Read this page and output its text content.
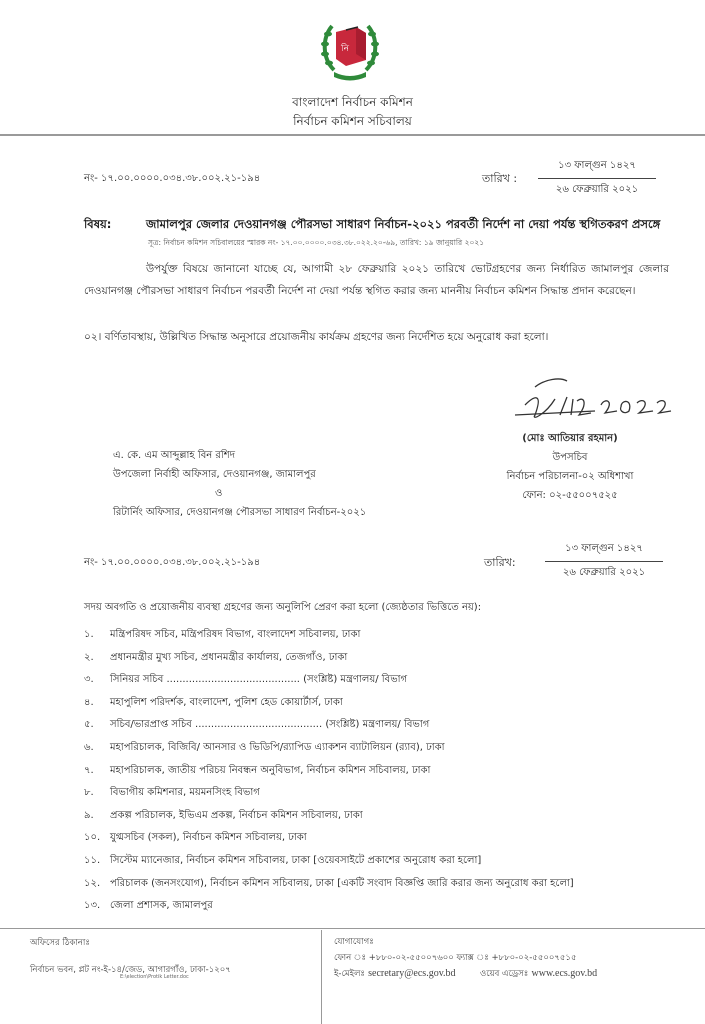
নি
বাংলাদেশ নির্বাচন কমিশন
নির্বাচন কমিশন সচিবালয়
নং- ১৭.০০.০০০০.০৩৪.৩৮.০০২.২১-১৯৪	তারিখ :
১৩ ফাল্গুন ১৪২৭
২৬ ফেব্রুয়ারি ২০২১
বিষয়:	জামালপুর জেলার দেওয়ানগঞ্জ পৌরসভা সাধারণ নির্বাচন-২০২১ পরবর্তী নির্দেশ না দেয়া পর্যন্ত স্থগিতকরণ প্রসঙ্গে
সূত্র: নির্বাচন কমিশন সচিবালয়ের স্মারক নং- ১৭.০০.০০০০.০৩৪.৩৮.০২২.২০-৬৯, তারিখ: ১৯ জানুয়ারি ২০২১
উপর্যুক্ত বিষয়ে জানানো যাচ্ছে যে, আগামী ২৮ ফেব্রুয়ারি ২০২১ তারিখে ভোটগ্রহণের জন্য নির্ধারিত জামালপুর জেলার দেওয়ানগঞ্জ পৌরসভা সাধারণ নির্বাচন পরবর্তী নির্দেশ না দেয়া পর্যন্ত স্থগিত করার জন্য মাননীয় নির্বাচন কমিশন সিদ্ধান্ত প্রদান করেছেন।
০২। বর্ণিতাবস্থায়, উল্লিখিত সিদ্ধান্ত অনুসারে প্রয়োজনীয় কার্যক্রম গ্রহণের জন্য নির্দেশিত হয়ে অনুরোধ করা হলো।
(মোঃ আতিয়ার রহমান)
উপসচিব
নির্বাচন পরিচালনা-০২ অধিশাখা
ফোন: ০২-৫৫০০৭৫২৫
এ. কে. এম আব্দুল্লাহ বিন রশিদ
উপজেলা নির্বাহী অফিসার, দেওয়ানগঞ্জ, জামালপুর
ও
রিটার্নিং অফিসার, দেওয়ানগঞ্জ পৌরসভা সাধারণ নির্বাচন-২০২১
নং- ১৭.০০.০০০০.০৩৪.৩৮.০০২.২১-১৯৪	তারিখ:
১৩ ফাল্গুন ১৪২৭
২৬ ফেব্রুয়ারি ২০২১
সদয় অবগতি ও প্রয়োজনীয় ব্যবস্থা গ্রহণের জন্য অনুলিপি প্রেরণ করা হলো (জ্যেষ্ঠতার ভিত্তিতে নয়):
১. মন্ত্রিপরিষদ সচিব, মন্ত্রিপরিষদ বিভাগ, বাংলাদেশ সচিবালয়, ঢাকা
২. প্রধানমন্ত্রীর মুখ্য সচিব, প্রধানমন্ত্রীর কার্যালয়, তেজগাঁও, ঢাকা
৩. সিনিয়র সচিব .......................................... (সংশ্লিষ্ট) মন্ত্রণালয়/ বিভাগ
৪. মহাপুলিশ পরিদর্শক, বাংলাদেশ, পুলিশ হেড কোয়ার্টার্স, ঢাকা
৫. সচিব/ভারপ্রাপ্ত সচিব ........................................ (সংশ্লিষ্ট) মন্ত্রণালয়/ বিভাগ
৬. মহাপরিচালক, বিজিবি/ আনসার ও ভিডিপি/র‌্যাপিড এ্যাকশন ব্যাটালিয়ন (র‌্যাব), ঢাকা
৭. মহাপরিচালক, জাতীয় পরিচয় নিবন্ধন অনুবিভাগ, নির্বাচন কমিশন সচিবালয়, ঢাকা
৮. বিভাগীয় কমিশনার, ময়মনসিংহ বিভাগ
৯. প্রকল্প পরিচালক, ইভিএম প্রকল্প, নির্বাচন কমিশন সচিবালয়, ঢাকা
১০. যুগ্মসচিব (সকল), নির্বাচন কমিশন সচিবালয়, ঢাকা
১১. সিস্টেম ম্যানেজার, নির্বাচন কমিশন সচিবালয়, ঢাকা [ওয়েবসাইটে প্রকাশের অনুরোধ করা হলো]
১২. পরিচালক (জনসংযোগ), নির্বাচন কমিশন সচিবালয়, ঢাকা [একটি সংবাদ বিজ্ঞপ্তি জারি করার জন্য অনুরোধ করা হলো]
১৩. জেলা প্রশাসক, জামালপুর
অফিসের ঠিকানাঃ
নির্বাচন ভবন, প্লট নং-ই-১৪/জেড, আগারগাঁও, ঢাকা-১২০৭
E:\election\Protik Letter.doc
যোগাযোগঃ
ফোন ঃ +৮৮০-০২-৫৫০০৭৬০০ ফ্যাক্স ঃ +৮৮০-০২-৫৫০০৭৫১৫
ই-মেইলঃ secretary@ecs.gov.bd	ওয়েব এড্রেসঃ www.ecs.gov.bd
